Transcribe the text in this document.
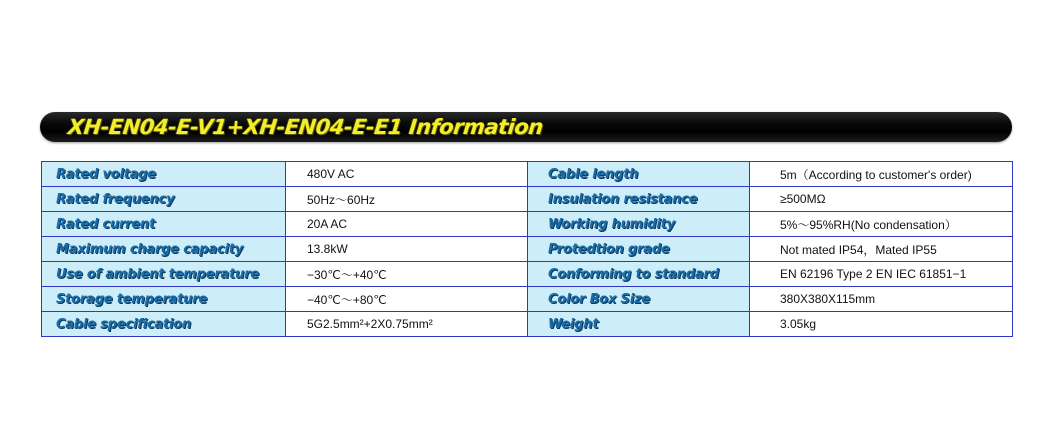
XH-EN04-E-V1+XH-EN04-E-E1 Information
Rated voltage	480V AC	Cable length	5m（According to customer's order)
Rated frequency	50Hz～60Hz	Insulation resistance	≥500MΩ
Rated current	20A AC	Working humidity	5%～95%RH(No condensation）
Maximum charge capacity	13.8kW	Protedtion grade	Not mated IP54，Mated IP55
Use of ambient temperature	−30℃～+40℃	Conforming to standard	EN 62196 Type 2 EN IEC 61851−1
Storage temperature	−40℃～+80℃	Color Box Size	380X380X115mm
Cable specification	5G2.5mm²+2X0.75mm²	Weight	3.05kg
